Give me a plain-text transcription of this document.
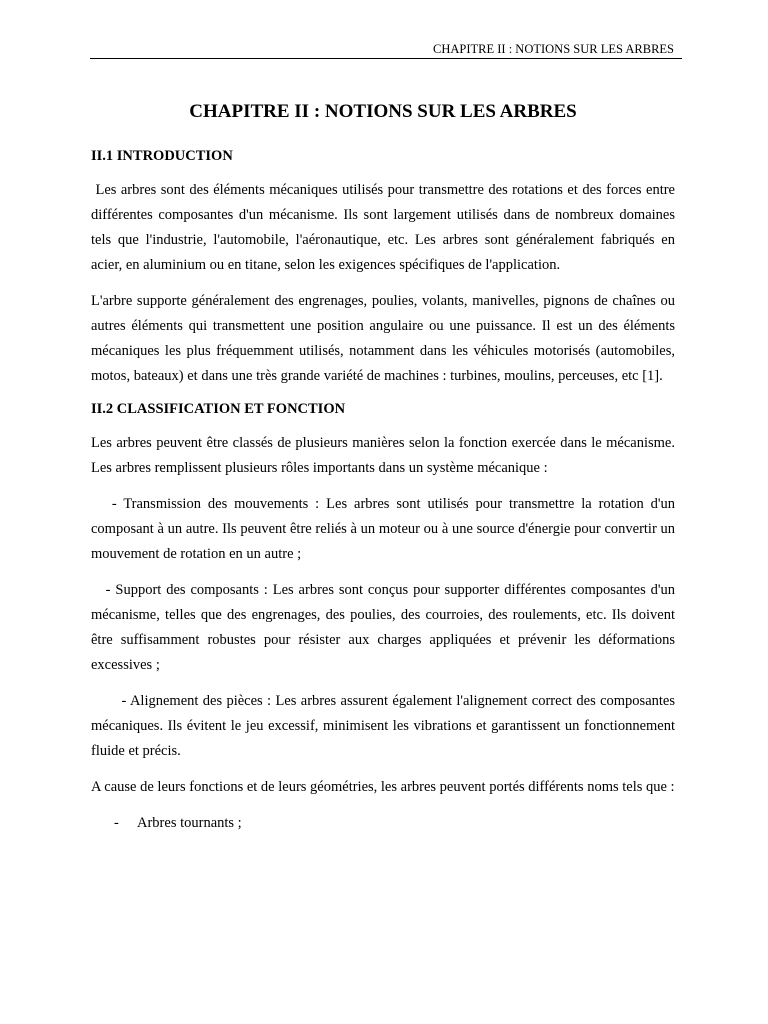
CHAPITRE II : NOTIONS SUR LES ARBRES
CHAPITRE II : NOTIONS SUR LES ARBRES
II.1 INTRODUCTION

Les arbres sont des éléments mécaniques utilisés pour transmettre des rotations et des forces entre différentes composantes d'un mécanisme. Ils sont largement utilisés dans de nombreux domaines tels que l'industrie, l'automobile, l'aéronautique, etc. Les arbres sont généralement fabriqués en acier, en aluminium ou en titane, selon les exigences spécifiques de l'application.

L'arbre supporte généralement des engrenages, poulies, volants, manivelles, pignons de chaînes ou autres éléments qui transmettent une position angulaire ou une puissance. Il est un des éléments mécaniques les plus fréquemment utilisés, notamment dans les véhicules motorisés (automobiles, motos, bateaux) et dans une très grande variété de machines : turbines, moulins, perceuses, etc [1].

II.2 CLASSIFICATION ET FONCTION

Les arbres peuvent être classés de plusieurs manières selon la fonction exercée dans le mécanisme. Les arbres remplissent plusieurs rôles importants dans un système mécanique :

- Transmission des mouvements : Les arbres sont utilisés pour transmettre la rotation d'un composant à un autre. Ils peuvent être reliés à un moteur ou à une source d'énergie pour convertir un mouvement de rotation en un autre ;

- Support des composants : Les arbres sont conçus pour supporter différentes composantes d'un mécanisme, telles que des engrenages, des poulies, des courroies, des roulements, etc. Ils doivent être suffisamment robustes pour résister aux charges appliquées et prévenir les déformations excessives ;

- Alignement des pièces : Les arbres assurent également l'alignement correct des composantes mécaniques. Ils évitent le jeu excessif, minimisent les vibrations et garantissent un fonctionnement fluide et précis.

A cause de leurs fonctions et de leurs géométries, les arbres peuvent portés différents noms tels que :

- Arbres tournants ;
